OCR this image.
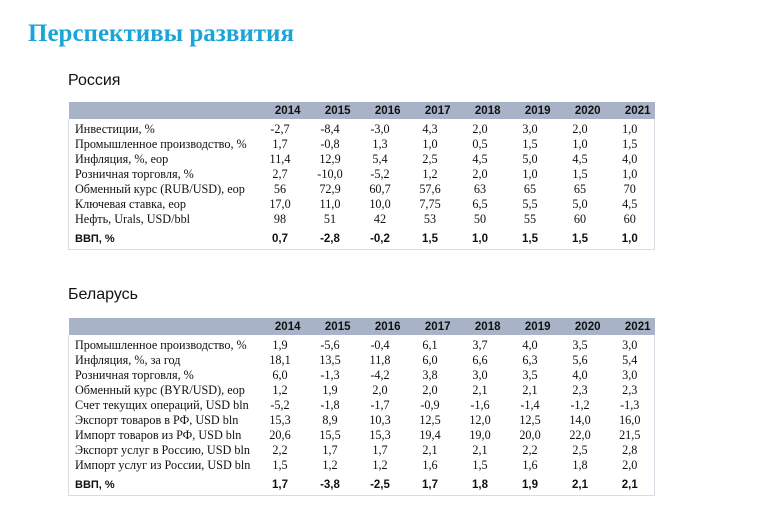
Перспективы развития
Россия
	2014	2015	2016	2017	2018	2019	2020	2021
Инвестиции, %	-2,7	-8,4	-3,0	4,3	2,0	3,0	2,0	1,0
Промышленное производство, %	1,7	-0,8	1,3	1,0	0,5	1,5	1,0	1,5
Инфляция, %, eop	11,4	12,9	5,4	2,5	4,5	5,0	4,5	4,0
Розничная торговля, %	2,7	-10,0	-5,2	1,2	2,0	1,0	1,5	1,0
Обменный курс (RUB/USD), eop	56	72,9	60,7	57,6	63	65	65	70
Ключевая ставка, eop	17,0	11,0	10,0	7,75	6,5	5,5	5,0	4,5
Нефть, Urals, USD/bbl	98	51	42	53	50	55	60	60
ВВП, %	0,7	-2,8	-0,2	1,5	1,0	1,5	1,5	1,0
Беларусь
	2014	2015	2016	2017	2018	2019	2020	2021
Промышленное производство, %	1,9	-5,6	-0,4	6,1	3,7	4,0	3,5	3,0
Инфляция, %, за год	18,1	13,5	11,8	6,0	6,6	6,3	5,6	5,4
Розничная торговля, %	6,0	-1,3	-4,2	3,8	3,0	3,5	4,0	3,0
Обменный курс (BYR/USD), eop	1,2	1,9	2,0	2,0	2,1	2,1	2,3	2,3
Счет текущих операций, USD bln	-5,2	-1,8	-1,7	-0,9	-1,6	-1,4	-1,2	-1,3
Экспорт товаров в РФ, USD bln	15,3	8,9	10,3	12,5	12,0	12,5	14,0	16,0
Импорт товаров из РФ, USD bln	20,6	15,5	15,3	19,4	19,0	20,0	22,0	21,5
Экспорт услуг в Россию, USD bln	2,2	1,7	1,7	2,1	2,1	2,2	2,5	2,8
Импорт услуг из России, USD bln	1,5	1,2	1,2	1,6	1,5	1,6	1,8	2,0
ВВП, %	1,7	-3,8	-2,5	1,7	1,8	1,9	2,1	2,1
